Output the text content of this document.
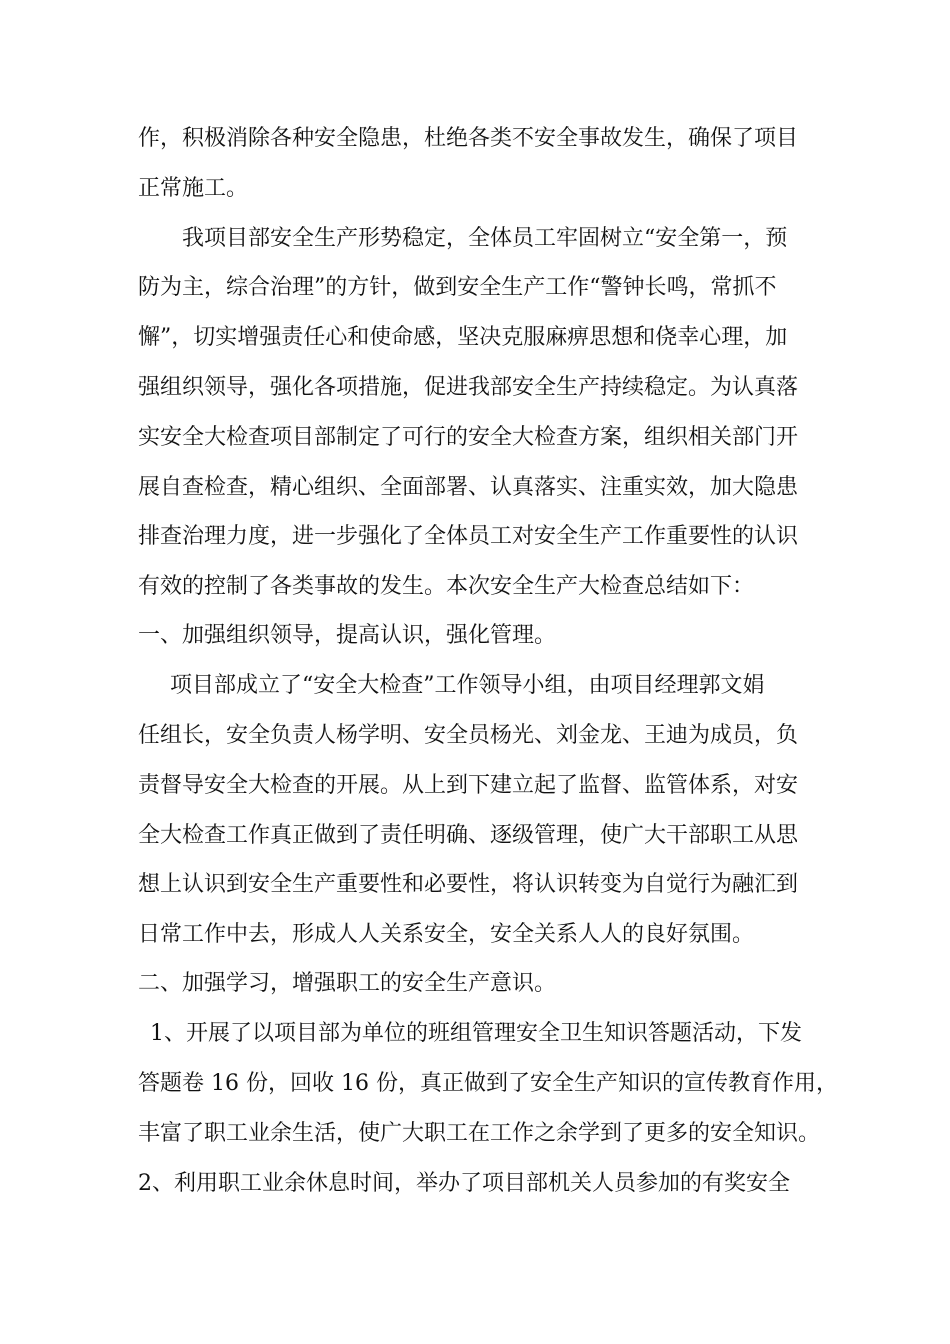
作，积极消除各种安全隐患，杜绝各类不安全事故发生，确保了项目
正常施工。
我项目部安全生产形势稳定，全体员工牢固树立“安全第一，预
防为主，综合治理”的方针，做到安全生产工作“警钟长鸣，常抓不
懈”，切实增强责任心和使命感，坚决克服麻痹思想和侥幸心理，加
强组织领导，强化各项措施，促进我部安全生产持续稳定。为认真落
实安全大检查项目部制定了可行的安全大检查方案，组织相关部门开
展自查检查，精心组织、全面部署、认真落实、注重实效，加大隐患
排查治理力度，进一步强化了全体员工对安全生产工作重要性的认识
有效的控制了各类事故的发生。本次安全生产大检查总结如下：
一、加强组织领导，提高认识，强化管理。
项目部成立了“安全大检查”工作领导小组，由项目经理郭文娟
任组长，安全负责人杨学明、安全员杨光、刘金龙、王迪为成员，负
责督导安全大检查的开展。从上到下建立起了监督、监管体系，对安
全大检查工作真正做到了责任明确、逐级管理，使广大干部职工从思
想上认识到安全生产重要性和必要性，将认识转变为自觉行为融汇到
日常工作中去，形成人人关系安全，安全关系人人的良好氛围。
二、加强学习，增强职工的安全生产意识。
1、开展了以项目部为单位的班组管理安全卫生知识答题活动，下发
答题卷 16 份，回收 16 份，真正做到了安全生产知识的宣传教育作用，
丰富了职工业余生活，使广大职工在工作之余学到了更多的安全知识。
2、利用职工业余休息时间，举办了项目部机关人员参加的有奖安全
